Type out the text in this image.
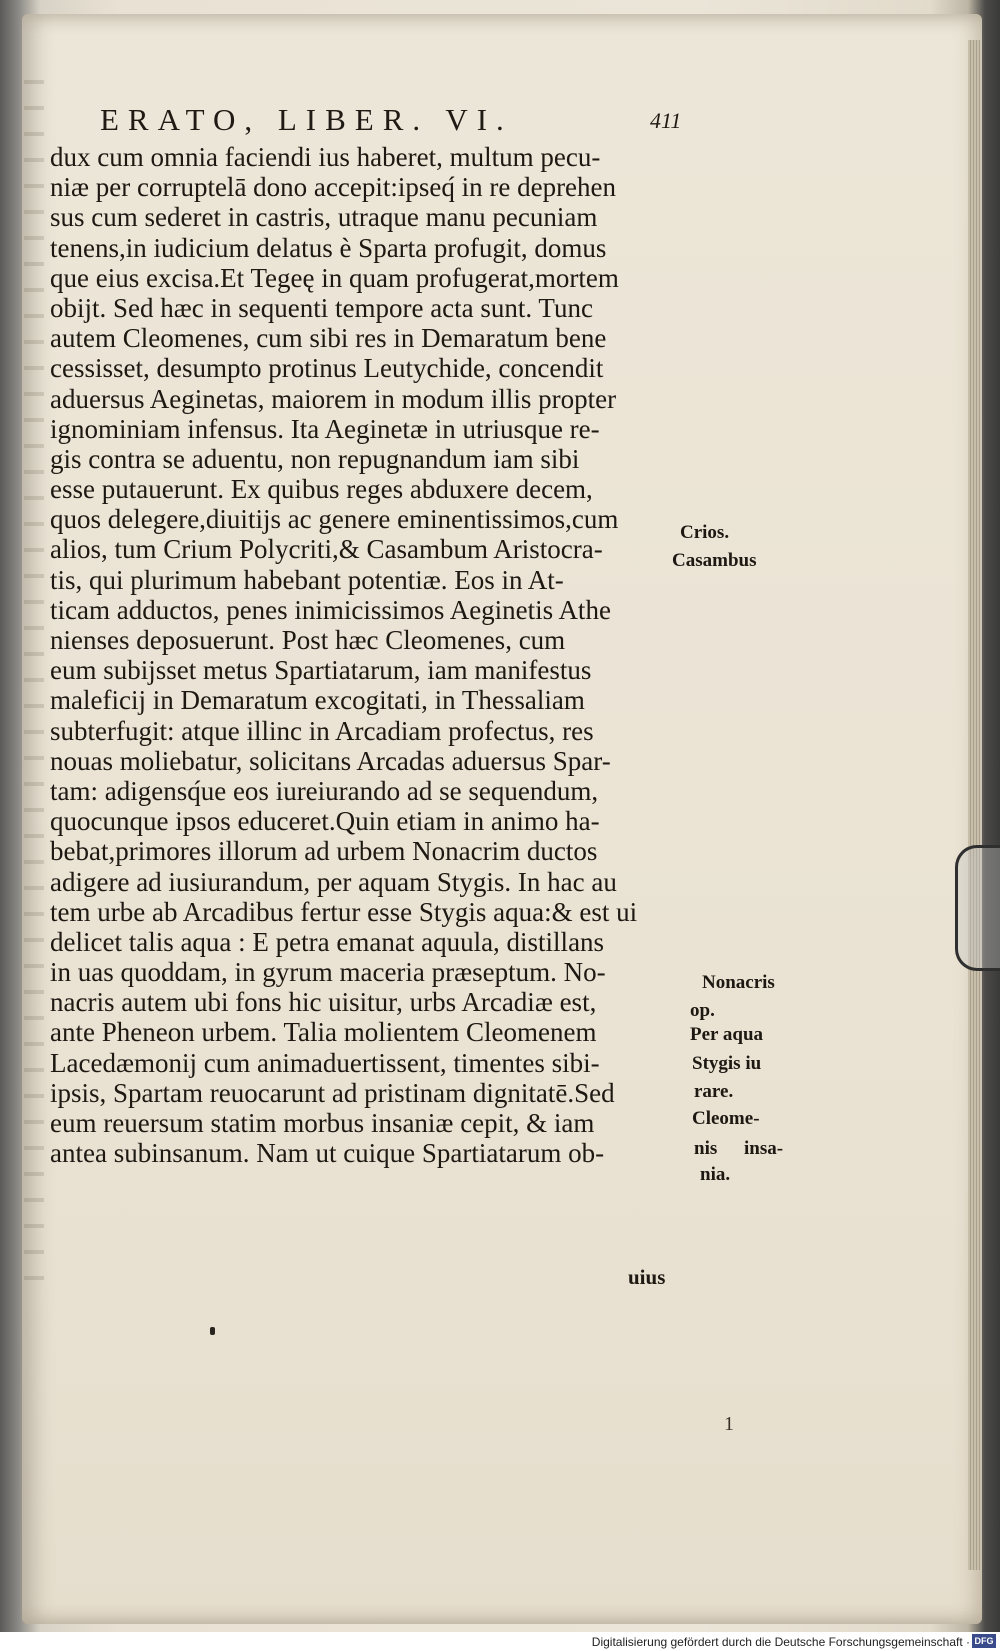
ERATO, LIBER. VI.	411
dux cum omnia faciendi ius haberet, multum pecu-
niæ per corruptelā dono accepit:ipseq́ in re deprehen
sus cum sederet in castris, utraque manu pecuniam
tenens,in iudicium delatus è Sparta profugit, domus
que eius excisa.Et Tegeę in quam profugerat,mortem
obijt. Sed hæc in sequenti tempore acta sunt. Tunc
autem Cleomenes, cum sibi res in Demaratum bene
cessisset, desumpto protinus Leutychide, concendit
aduersus Aeginetas, maiorem in modum illis propter
ignominiam infensus. Ita Aeginetæ in utriusque re-
gis contra se aduentu, non repugnandum iam sibi
esse putauerunt. Ex quibus reges abduxere decem,
quos delegere,diuitijs ac genere eminentissimos,cum
alios, tum Crium Polycriti,& Casambum Aristocra-
tis, qui plurimum habebant potentiæ. Eos in At-
ticam adductos, penes inimicissimos Aeginetis Athe
nienses deposuerunt. Post hæc Cleomenes, cum
eum subijsset metus Spartiatarum, iam manifestus
maleficij in Demaratum excogitati, in Thessaliam
subterfugit: atque illinc in Arcadiam profectus, res
nouas moliebatur, solicitans Arcadas aduersus Spar-
tam: adigensq́ue eos iureiurando ad se sequendum,
quocunque ipsos educeret.Quin etiam in animo ha-
bebat,primores illorum ad urbem Nonacrim ductos
adigere ad iusiurandum, per aquam Stygis. In hac au
tem urbe ab Arcadibus fertur esse Stygis aqua:& est ui
delicet talis aqua : E petra emanat aquula, distillans
in uas quoddam, in gyrum maceria præseptum. No-
nacris autem ubi fons hic uisitur, urbs Arcadiæ est,
ante Pheneon urbem. Talia molientem Cleomenem
Lacedæmonij cum animaduertissent, timentes sibi-
ipsis, Spartam reuocarunt ad pristinam dignitatē.Sed
eum reuersum statim morbus insaniæ cepit, & iam
antea subinsanum. Nam ut cuique Spartiatarum ob-
Crios.
Casambus
Nonacris
op.
Per aqua
Stygis iu
rare.
Cleome-
nis insa-
nia.
uius
1
Digitalisierung gefördert durch die Deutsche Forschungsgemeinschaft · DFG
